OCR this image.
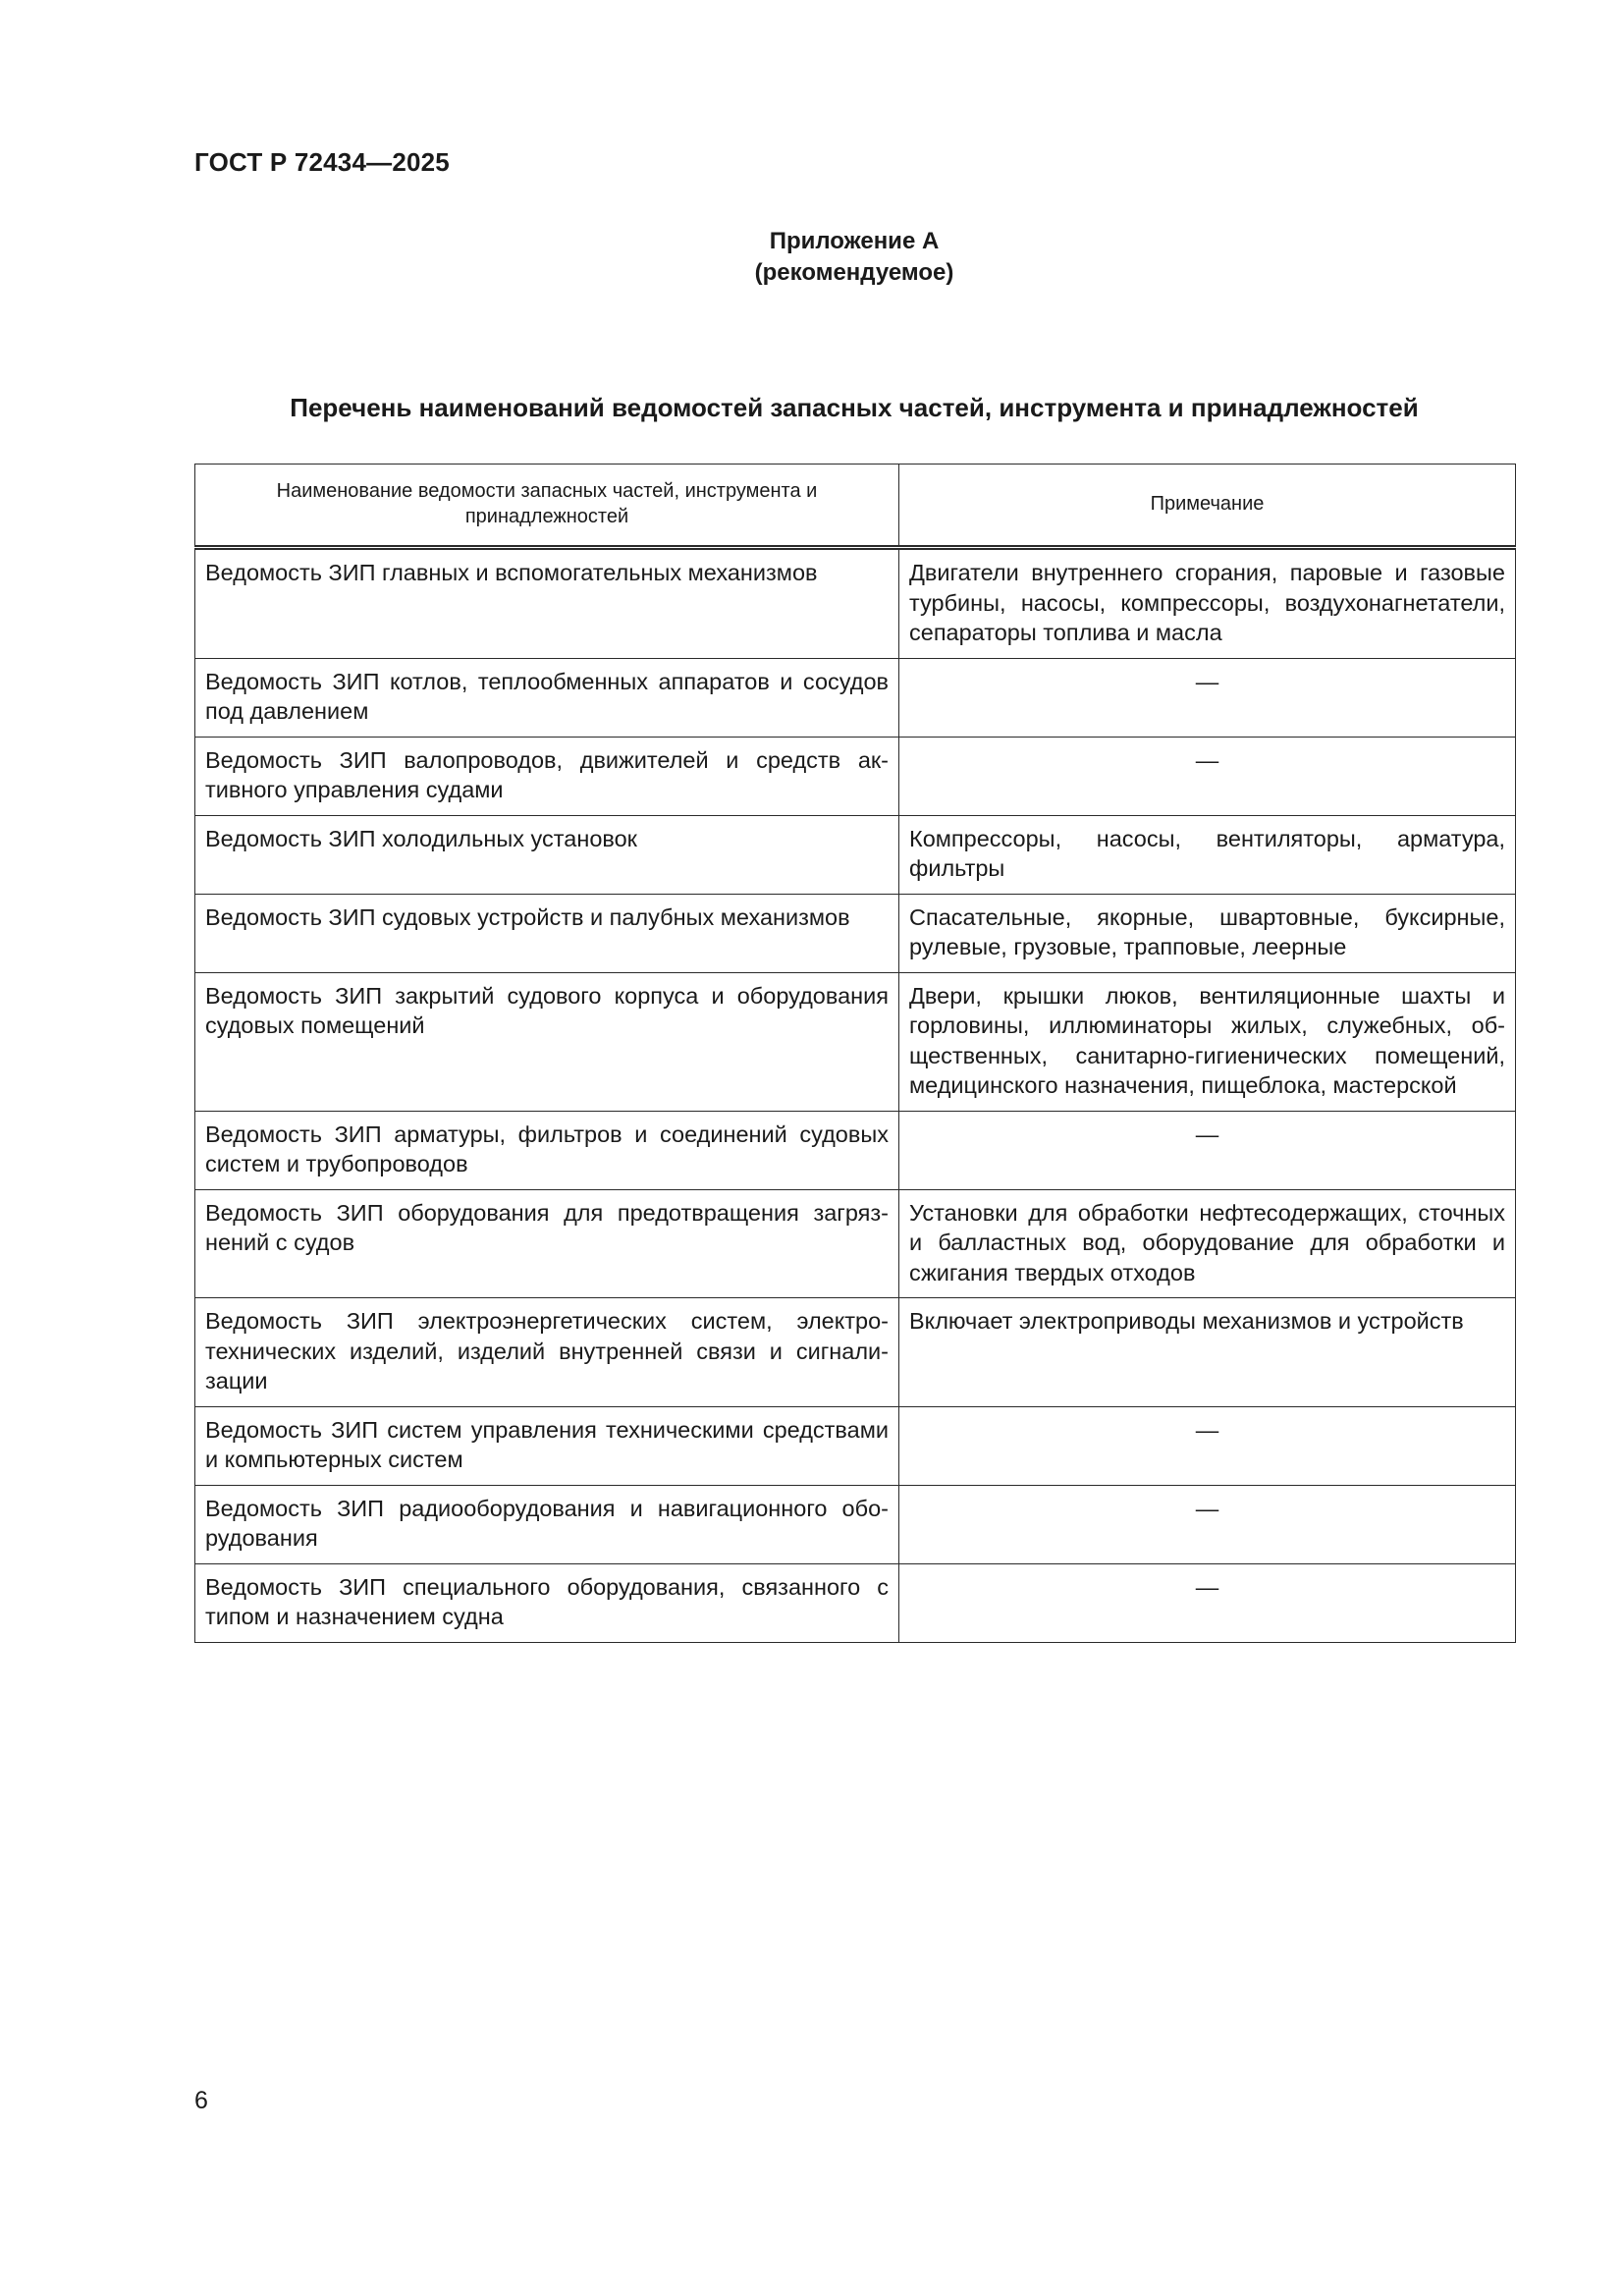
ГОСТ Р 72434—2025
Приложение А
(рекомендуемое)
Перечень наименований ведомостей запасных частей, инструмента и принадлежностей
Наименование ведомости запасных частей, инструмента и принадлежностей	Примечание
Ведомость ЗИП главных и вспомогательных механизмов	Двигатели внутреннего сгорания, паровые и газовые турбины, насосы, компрессоры, воздухонагнетатели, сепараторы топлива и масла
Ведомость ЗИП котлов, теплообменных аппаратов и сосудов под давлением	—
Ведомость ЗИП валопроводов, движителей и средств активного управления судами	—
Ведомость ЗИП холодильных установок	Компрессоры, насосы, вентиляторы, арматура, фильтры
Ведомость ЗИП судовых устройств и палубных механизмов	Спасательные, якорные, швартовные, буксирные, рулевые, грузовые, трапповые, леерные
Ведомость ЗИП закрытий судового корпуса и оборудования судовых помещений	Двери, крышки люков, вентиляционные шахты и горловины, иллюминаторы жилых, служебных, общественных, санитарно-гигиенических помещений, медицинского назначения, пищеблока, мастерской
Ведомость ЗИП арматуры, фильтров и соединений судовых систем и трубопроводов	—
Ведомость ЗИП оборудования для предотвращения загрязнений с судов	Установки для обработки нефтесодержащих, сточных и балластных вод, оборудование для обработки и сжигания твердых отходов
Ведомость ЗИП электроэнергетических систем, электротехнических изделий, изделий внутренней связи и сигнализации	Включает электроприводы механизмов и устройств
Ведомость ЗИП систем управления техническими средствами и компьютерных систем	—
Ведомость ЗИП радиооборудования и навигационного оборудования	—
Ведомость ЗИП специального оборудования, связанного с типом и назначением судна	—
6
